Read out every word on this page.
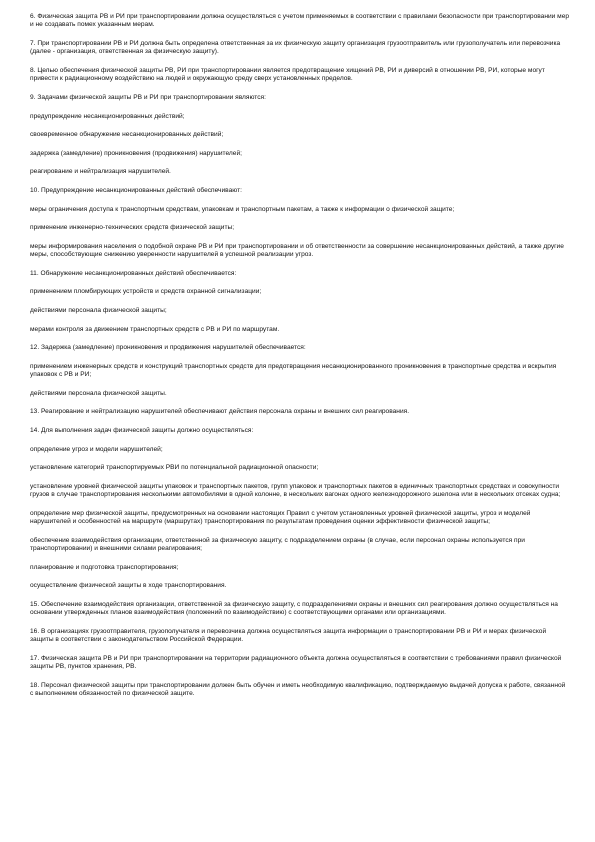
6. Физическая защита РВ и РИ при транспортировании должна осуществляться с учетом применяемых в соответствии с правилами безопасности при транспортировании мер и не создавать помех указанным мерам.

7. При транспортировании РВ и РИ должна быть определена ответственная за их физическую защиту организация грузоотправитель или грузополучатель или перевозчика (далее - организация, ответственная за физическую защиту).

8. Целью обеспечения физической защиты РВ, РИ при транспортировании является предотвращение хищений РВ, РИ и диверсий в отношении РВ, РИ, которые могут привести к радиационному воздействию на людей и окружающую среду сверх установленных пределов.

9. Задачами физической защиты РВ и РИ при транспортировании являются:

предупреждение несанкционированных действий;

своевременное обнаружение несанкционированных действий;

задержка (замедление) проникновения (продвижения) нарушителей;

реагирование и нейтрализация нарушителей.

10. Предупреждение несанкционированных действий обеспечивают:

меры ограничения доступа к транспортным средствам, упаковкам и транспортным пакетам, а также к информации о физической защите;

применение инженерно-технических средств физической защиты;

меры информирования населения о подобной охране РВ и РИ при транспортировании и об ответственности за совершение несанкционированных действий, а также другие меры, способствующие снижению уверенности нарушителей в успешной реализации угроз.

11. Обнаружение несанкционированных действий обеспечивается:

применением пломбирующих устройств и средств охранной сигнализации;

действиями персонала физической защиты;

мерами контроля за движением транспортных средств с РВ и РИ по маршрутам.

12. Задержка (замедление) проникновения и продвижения нарушителей обеспечивается:

применением инженерных средств и конструкций транспортных средств для предотвращения несанкционированного проникновения в транспортные средства и вскрытия упаковок с РВ и РИ;

действиями персонала физической защиты.

13. Реагирование и нейтрализацию нарушителей обеспечивают действия персонала охраны и внешних сил реагирования.

14. Для выполнения задач физической защиты должно осуществляться:

определение угроз и модели нарушителей;

установление категорий транспортируемых РВИ по потенциальной радиационной опасности;

установление уровней физической защиты упаковок и транспортных пакетов, групп упаковок и транспортных пакетов в единичных транспортных средствах и совокупности грузов в случае транспортирования несколькими автомобилями в одной колонне, в нескольких вагонах одного железнодорожного эшелона или в нескольких отсеках судна;

определение мер физической защиты, предусмотренных на основании настоящих Правил с учетом установленных уровней физической защиты, угроз и моделей нарушителей и особенностей на маршруте (маршрутах) транспортирования по результатам проведения оценки эффективности физической защиты;

обеспечение взаимодействия организации, ответственной за физическую защиту, с подразделением охраны (в случае, если персонал охраны используется при транспортировании) и внешними силами реагирования;

планирование и подготовка транспортирования;

осуществление физической защиты в ходе транспортирования.

15. Обеспечение взаимодействия организации, ответственной за физическую защиту, с подразделениями охраны и внешних сил реагирования должно осуществляться на основании утвержденных планов взаимодействия (положений по взаимодействию) с соответствующими органами или организациями.

16. В организациях грузоотправителя, грузополучателя и перевозчика должна осуществляться защита информации о транспортировании РВ и РИ и мерах физической защиты в соответствии с законодательством Российской Федерации.

17. Физическая защита РВ и РИ при транспортировании на территории радиационного объекта должна осуществляться в соответствии с требованиями правил физической защиты РВ, пунктов хранения, РВ.

18. Персонал физической защиты при транспортировании должен быть обучен и иметь необходимую квалификацию, подтверждаемую выдачей допуска к работе, связанной с выполнением обязанностей по физической защите.
